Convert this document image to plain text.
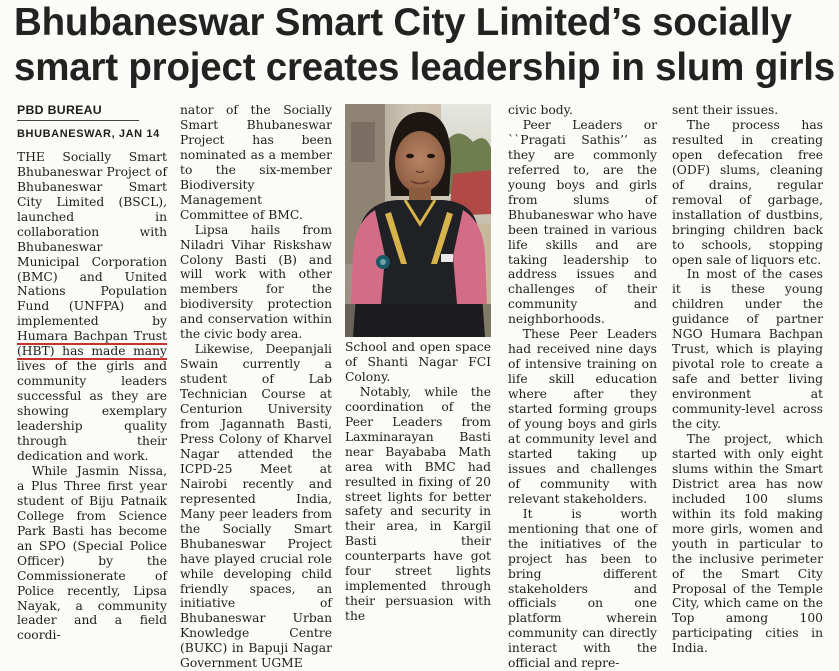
Bhubaneswar Smart City Limited’s socially
smart project creates leadership in slum girls
PBD BUREAU
BHUBANESWAR, JAN 14

THE Socially Smart Bhubaneswar Project of Bhubaneswar Smart City Limited (BSCL), launched in collaboration with Bhubaneswar Municipal Corporation (BMC) and United Nations Population Fund (UNFPA) and implemented by Humara Bachpan Trust (HBT) has made many lives of the girls and community leaders successful as they are showing exemplary leadership quality through their dedication and work.

While Jasmin Nissa, a Plus Three first year student of Biju Patnaik College from Science Park Basti has become an SPO (Special Police Officer) by the Commissionerate of Police recently, Lipsa Nayak, a community leader and a field coordi-

nator of the Socially Smart Bhubaneswar Project has been nominated as a member to the six-member Biodiversity Management Committee of BMC.

Lipsa hails from Niladri Vihar Riskshaw Colony Basti (B) and will work with other members for the biodiversity protection and conservation within the civic body area.

Likewise, Deepanjali Swain currently a student of Lab Technician Course at Centurion University from Jagannath Basti, Press Colony of Kharvel Nagar attended the ICPD-25 Meet at Nairobi recently and represented India, Many peer leaders from the Socially Smart Bhubaneswar Project have played crucial role while developing child friendly spaces, an initiative of Bhubaneswar Urban Knowledge Centre (BUKC) in Bapuji Nagar Government UGME

School and open space of Shanti Nagar FCI Colony.

Notably, while the coordination of the Peer Leaders from Laxminarayan Basti near Bayababa Math area with BMC had resulted in fixing of 20 street lights for better safety and security in their area, in Kargil Basti their counterparts have got four street lights implemented through their persuasion with the

civic body.

Peer Leaders or ``Pragati Sathis’’ as they are commonly referred to, are the young boys and girls from slums of Bhubaneswar who have been trained in various life skills and are taking leadership to address issues and challenges of their community and neighborhoods.

These Peer Leaders had received nine days of intensive training on life skill education where after they started forming groups of young boys and girls at community level and started taking up issues and challenges of community with relevant stakeholders.

It is worth mentioning that one of the initiatives of the project has been to bring different stakeholders and officials on one platform wherein community can directly interact with the official and repre-

sent their issues.

The process has resulted in creating open defecation free (ODF) slums, cleaning of drains, regular removal of garbage, installation of dustbins, bringing children back to schools, stopping open sale of liquors etc.

In most of the cases it is these young children under the guidance of partner NGO Humara Bachpan Trust, which is playing pivotal role to create a safe and better living environment at community-level across the city.

The project, which started with only eight slums within the Smart District area has now included 100 slums within its fold making more girls, women and youth in particular to the inclusive perimeter of the Smart City Proposal of the Temple City, which came on the Top among 100 participating cities in India.
